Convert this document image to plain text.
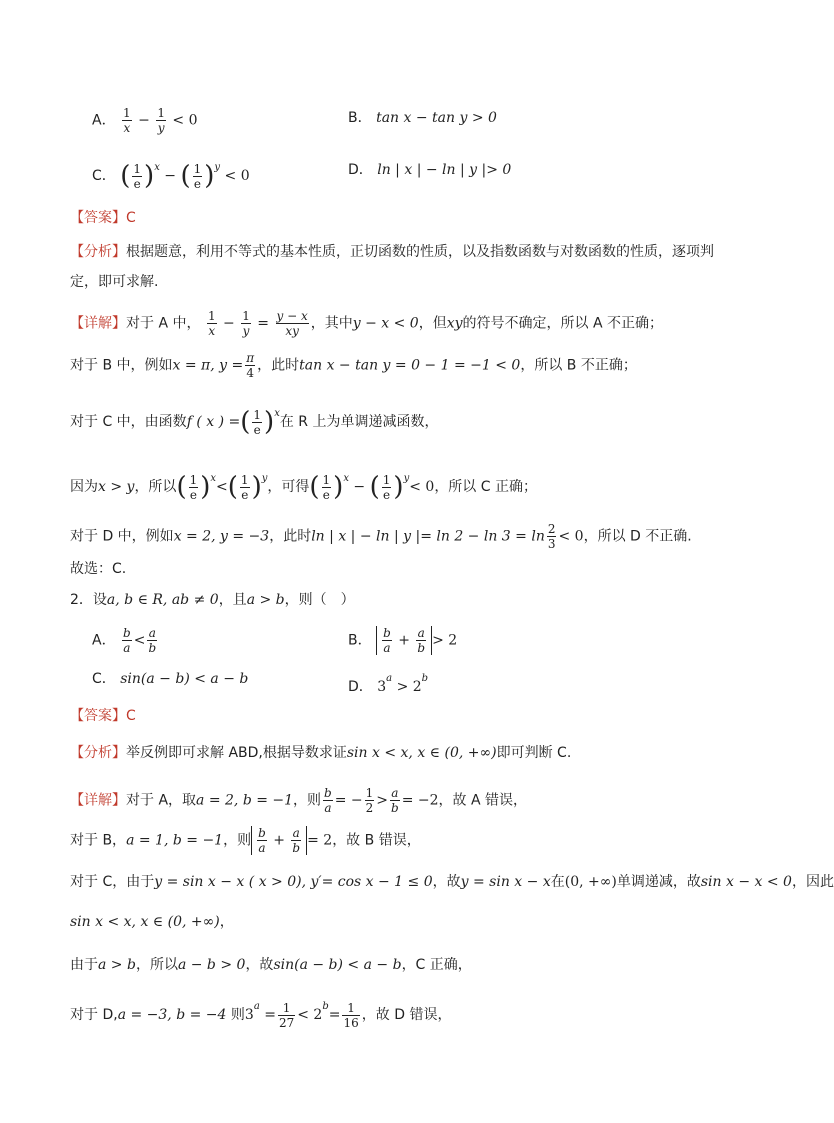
A． $\frac{1}{x} - \frac{1}{y} < 0$	B． tan x − tan y > 0
C． ( $\frac{1}{e} )^x$ − ( $\frac{1}{e} )^y < 0$	D． ln | x | − ln | y |> 0
【答案】C
【分析】根据题意，利用不等式的基本性质，正切函数的性质，以及指数函数与对数函数的性质，逐项判
定，即可求解.
【详解】对于 A 中， $\frac{1}{x} - \frac{1}{y} = \frac{y - x}{xy}$ ，其中y − x < 0，但xy的符号不确定，所以 A 不正确；
对于 B 中，例如x = π, $y = \frac{\pi}{4}$ ，此时tan x − tan y = 0 − 1 = −1 < 0，所以 B 不正确；
对于 C 中，由函数f ( x ) =( $\frac{1}{e} )^x$在 R 上为单调递减函数，
因为x > y，所以( $\frac{1}{e} )^x<( \frac{1}{e} )^y$，可得( $\frac{1}{e} )^x$ − ( $\frac{1}{e} )^y< 0$，所以 C 正确；
对于 D 中，例如x = 2, y = −3，此时ln | x | − ln | y |= $\ln 2 - \ln 3 = \ln \frac{2}{3} < 0$，所以 D 不正确.
故选：C.
2．设a, b ∈ R, ab ≠ 0，且a > b，则（　）
A． $\frac{b}{a} < \frac{a}{b}$	B． $\frac{b}{a} + \frac{a}{b} > 2$
C． sin(a − b) < a − b	D． $3^a > 2^b$
【答案】C
【分析】举反例即可求解 ABD,根据导数求证sin x < x, x ∈ (0, +∞)即可判断 C.
【详解】对于 A，取a = 2, b = −1，则 $\frac{b}{a}$ = − $\frac{1}{2} > \frac{a}{b} = -2$，故 A 错误，
对于 B，a = 1, b = −1，则 $\frac{b}{a} + \frac{a}{b} = 2$，故 B 错误，
对于 C，由于y = sin x − x ( x > 0), y′= cos x − 1 ≤ 0，故y = sin x − x在(0, +∞)单调递减，故sin x − x < 0，因此
sin x < x, x ∈ (0, +∞)，
由于a > b，所以a − b > 0，故sin(a − b) < a − b，C 正确，
对于 D,a = −3, b = −4 则$3^a = \frac{1}{27} < 2^b= \frac{1}{16}$ ，故 D 错误，
